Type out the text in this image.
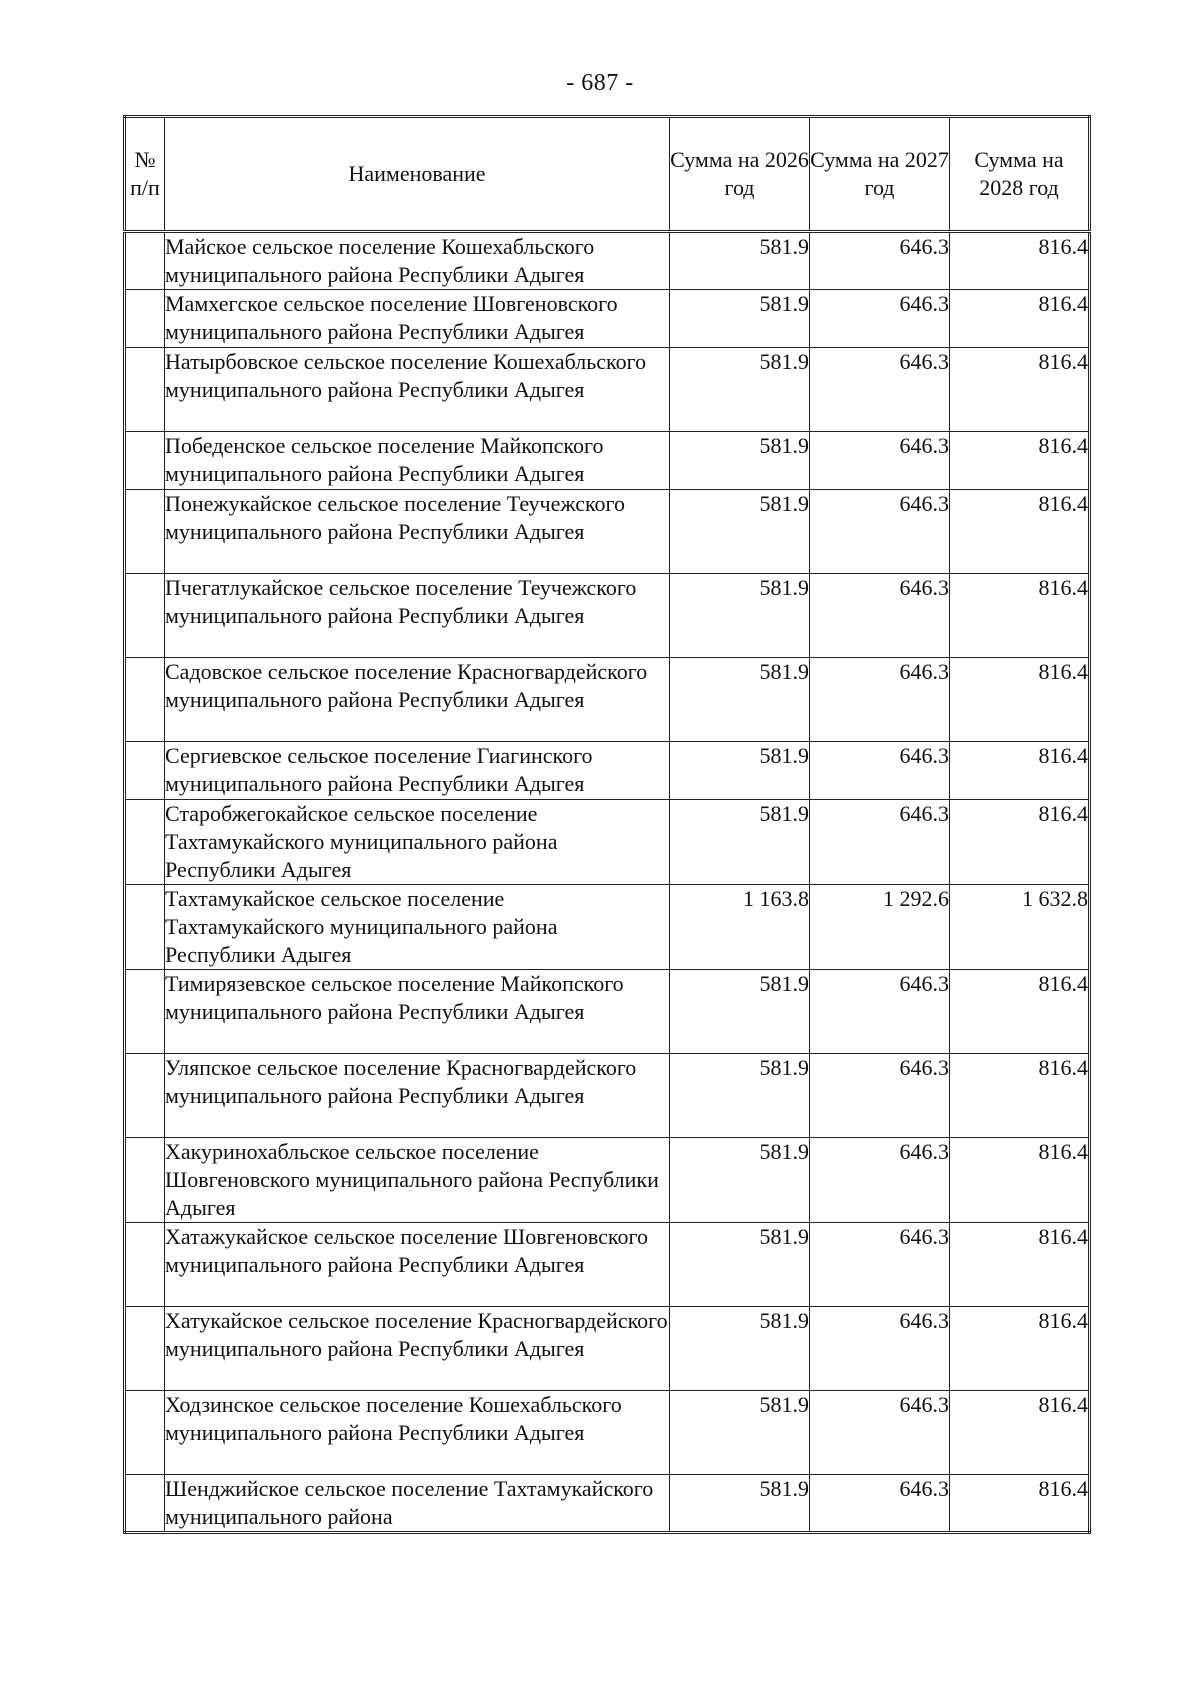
- 687 -
№ п/п	Наименование	Сумма на 2026 год	Сумма на 2027 год	Сумма на 2028 год
	Майское сельское поселение Кошехабльского муниципального района Республики Адыгея	581.9	646.3	816.4
	Мамхегское сельское поселение Шовгеновского муниципального района Республики Адыгея	581.9	646.3	816.4
	Натырбовское сельское поселение Кошехабльского муниципального района Республики Адыгея	581.9	646.3	816.4
	Победенское сельское поселение Майкопского муниципального района Республики Адыгея	581.9	646.3	816.4
	Понежукайское сельское поселение Теучежского муниципального района Республики Адыгея	581.9	646.3	816.4
	Пчегатлукайское сельское поселение Теучежского муниципального района Республики Адыгея	581.9	646.3	816.4
	Садовское сельское поселение Красногвардейского муниципального района Республики Адыгея	581.9	646.3	816.4
	Сергиевское сельское поселение Гиагинского муниципального района Республики Адыгея	581.9	646.3	816.4
	Старобжегокайское сельское поселение Тахтамукайского муниципального района Республики Адыгея	581.9	646.3	816.4
	Тахтамукайское сельское поселение Тахтамукайского муниципального района Республики Адыгея	1 163.8	1 292.6	1 632.8
	Тимирязевское сельское поселение Майкопского муниципального района Республики Адыгея	581.9	646.3	816.4
	Уляпское сельское поселение Красногвардейского муниципального района Республики Адыгея	581.9	646.3	816.4
	Хакуринохабльское сельское поселение Шовгеновского муниципального района Республики Адыгея	581.9	646.3	816.4
	Хатажукайское сельское поселение Шовгеновского муниципального района Республики Адыгея	581.9	646.3	816.4
	Хатукайское сельское поселение Красногвардейского муниципального района Республики Адыгея	581.9	646.3	816.4
	Ходзинское сельское поселение Кошехабльского муниципального района Республики Адыгея	581.9	646.3	816.4
	Шенджийское сельское поселение Тахтамукайского муниципального района	581.9	646.3	816.4
